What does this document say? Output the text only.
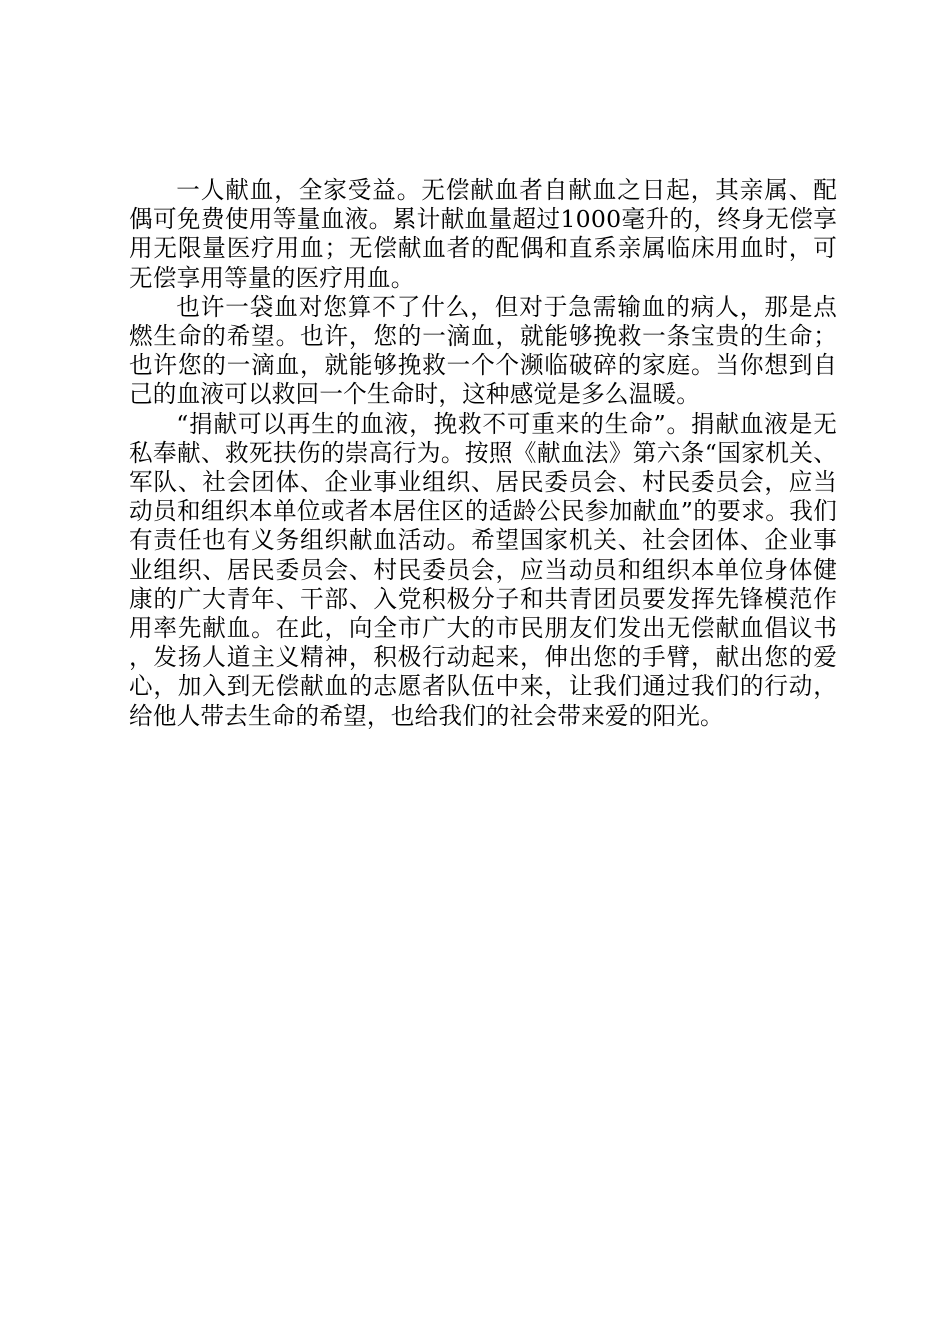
一人献血，全家受益。无偿献血者自献血之日起，其亲属、配偶可免费使用等量血液。累计献血量超过1000毫升的，终身无偿享用无限量医疗用血；无偿献血者的配偶和直系亲属临床用血时，可无偿享用等量的医疗用血。

也许一袋血对您算不了什么，但对于急需输血的病人，那是点燃生命的希望。也许，您的一滴血，就能够挽救一条宝贵的生命；也许您的一滴血，就能够挽救一个个濒临破碎的家庭。当你想到自己的血液可以救回一个生命时，这种感觉是多么温暖。

“捐献可以再生的血液，挽救不可重来的生命”。捐献血液是无私奉献、救死扶伤的崇高行为。按照《献血法》第六条“国家机关、军队、社会团体、企业事业组织、居民委员会、村民委员会，应当动员和组织本单位或者本居住区的适龄公民参加献血”的要求。我们有责任也有义务组织献血活动。希望国家机关、社会团体、企业事业组织、居民委员会、村民委员会，应当动员和组织本单位身体健康的广大青年、干部、入党积极分子和共青团员要发挥先锋模范作用率先献血。在此，向全市广大的市民朋友们发出无偿献血倡议书，发扬人道主义精神，积极行动起来，伸出您的手臂，献出您的爱心，加入到无偿献血的志愿者队伍中来，让我们通过我们的行动，给他人带去生命的希望，也给我们的社会带来爱的阳光。
